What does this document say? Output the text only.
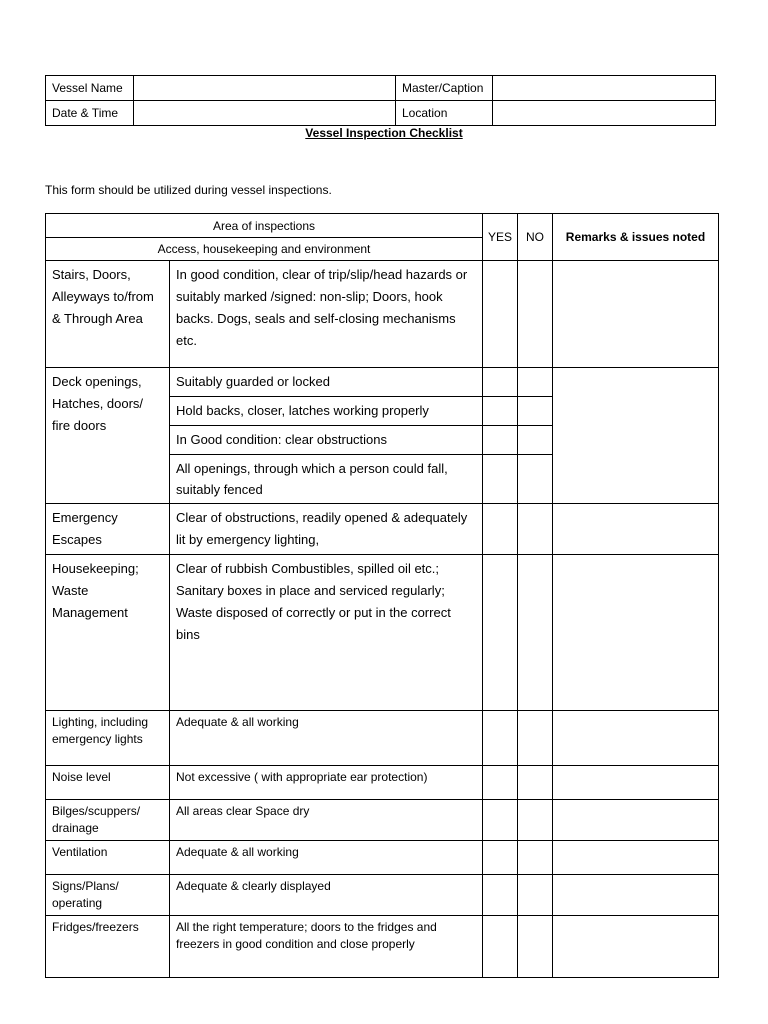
Vessel Name		Master/Caption	
Date & Time		Location	
Vessel Inspection Checklist
This form should be utilized during vessel inspections.
Area of inspections		YES	NO	Remarks & issues noted
Access, housekeeping and environment				
Stairs, Doors, Alleyways to/from & Through Area	In good condition, clear of trip/slip/head hazards or suitably marked /signed: non-slip; Doors, hook backs. Dogs, seals and self-closing mechanisms etc.			
Deck openings, Hatches, doors/ fire doors	Suitably guarded or locked			
	Hold backs, closer, latches working properly			
	In Good condition: clear obstructions			
	All openings, through which a person could fall, suitably fenced			
Emergency Escapes	Clear of obstructions, readily opened & adequately lit by emergency lighting,			
Housekeeping; Waste Management	Clear of rubbish Combustibles, spilled oil etc.; Sanitary boxes in place and serviced regularly; Waste disposed of correctly or put in the correct bins			
Lighting, including emergency lights	Adequate & all working			
Noise level	Not excessive ( with appropriate ear protection)			
Bilges/scuppers/ drainage	All areas clear Space dry			
Ventilation	Adequate & all working			
Signs/Plans/ operating	Adequate & clearly displayed			
Fridges/freezers	All the right temperature; doors to the fridges and freezers in good condition and close properly			
